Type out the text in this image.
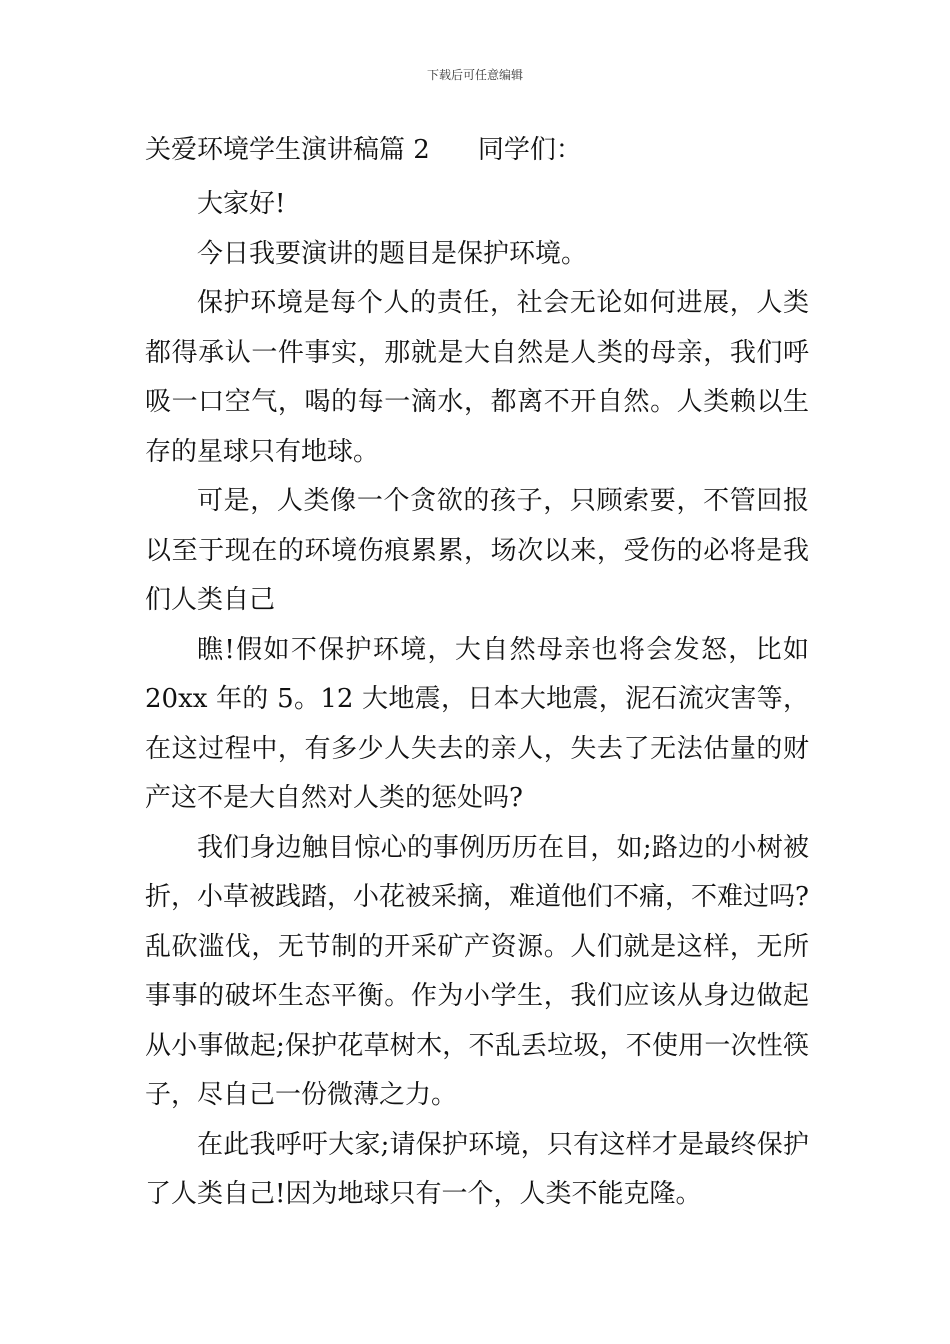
下载后可任意编辑
关爱环境学生演讲稿篇 2 同学们：

大家好!

今日我要演讲的题目是保护环境。

保护环境是每个人的责任，社会无论如何进展，人类都得承认一件事实，那就是大自然是人类的母亲，我们呼吸一口空气，喝的每一滴水，都离不开自然。人类赖以生存的星球只有地球。

可是，人类像一个贪欲的孩子，只顾索要，不管回报以至于现在的环境伤痕累累，场次以来，受伤的必将是我们人类自己

瞧!假如不保护环境，大自然母亲也将会发怒，比如20xx 年的 5。12 大地震，日本大地震，泥石流灾害等，在这过程中，有多少人失去的亲人，失去了无法估量的财产这不是大自然对人类的惩处吗?

我们身边触目惊心的事例历历在目，如;路边的小树被折，小草被践踏，小花被采摘，难道他们不痛，不难过吗?乱砍滥伐，无节制的开采矿产资源。人们就是这样，无所事事的破坏生态平衡。作为小学生，我们应该从身边做起从小事做起;保护花草树木，不乱丢垃圾，不使用一次性筷子，尽自己一份微薄之力。

在此我呼吁大家;请保护环境，只有这样才是最终保护了人类自己!因为地球只有一个，人类不能克隆。
